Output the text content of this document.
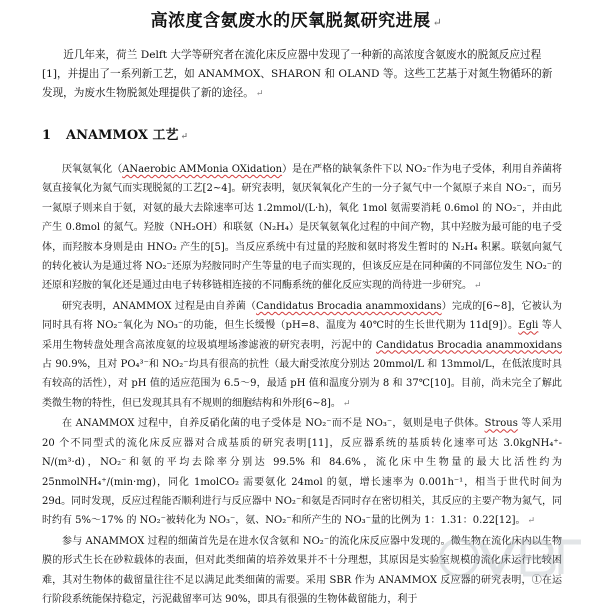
高浓度含氨废水的厌氧脱氮研究进展 ↵

近几年来，荷兰 Delft 大学等研究者在流化床反应器中发现了一种新的高浓度含氨废水的脱氮反应过程[1]，并提出了一系列新工艺，如 ANAMMOX、SHARON 和 OLAND 等。这些工艺基于对氮生物循环的新发现，为废水生物脱氮处理提供了新的途径。 ↵

1 ANAMMOX 工艺 ↵

厌氧氨氧化（ANaerobic AMMonia OXidation）是在严格的缺氧条件下以 NO₂⁻作为电子受体，利用自养菌将氨直接氧化为氮气而实现脱氮的工艺[2~4]。研究表明，氨厌氧氧化产生的一分子氮气中一个氮原子来自 NO₂⁻，而另一氮原子则来自于氨，对氨的最大去除速率可达 1.2mmol/(L·h)，氧化 1mol 氨需要消耗 0.6mol 的 NO₂⁻，并由此产生 0.8mol 的氮气。羟胺（NH₂OH）和联氨（N₂H₄）是厌氧氨氧化过程的中间产物，其中羟胺为最可能的电子受体，而羟胺本身则是由 HNO₂ 产生的[5]。当反应系统中有过量的羟胺和氨时将发生暂时的 N₂H₄ 积累。联氨向氮气的转化被认为是通过将 NO₂⁻还原为羟胺同时产生等量的电子而实现的，但该反应是在同种菌的不同部位发生 NO₂⁻的还原和羟胺的氧化还是通过由电子转移链相连接的不同酶系统的催化反应实现的尚待进一步研究。 ↵

研究表明，ANAMMOX 过程是由自养菌（Candidatus Brocadia anammoxidans）完成的[6~8]，它被认为同时具有将 NO₂⁻氧化为 NO₃⁻的功能，但生长缓慢（pH=8、温度为 40℃时的生长世代期为 11d[9]）。Egli 等人采用生物转盘处理含高浓度氨的垃圾填埋场渗滤液的研究表明，污泥中的 Candidatus Brocadia anammoxidans 占 90.9%，且对 PO₄³⁻和 NO₂⁻均具有很高的抗性（最大耐受浓度分别达 20mmol/L 和 13mmol/L，在低浓度时具有较高的活性），对 pH 值的适应范围为 6.5～9，最适 pH 值和温度分别为 8 和 37℃[10]。目前，尚未完全了解此类微生物的特性，但已发现其具有不规则的细胞结构和外形[6~8]。 ↵

在 ANAMMOX 过程中，自养反硝化菌的电子受体是 NO₂⁻而不是 NO₃⁻，氨则是电子供体。Strous 等人采用 20 个不同型式的流化床反应器对合成基质的研究表明[11]，反应器系统的基质转化速率可达 3.0kgNH₄⁺-N/(m³·d)，NO₂⁻和氨的平均去除率分别达 99.5% 和 84.6%，流化床中生物量的最大比活性约为 25nmolNH₄⁺/(min·mg)，同化 1molCO₂ 需要氨化 24mol 的氨，增长速率为 0.001h⁻¹，相当于世代时间为 29d。同时发现，反应过程能否顺利进行与反应器中 NO₂⁻和氨是否同时存在密切相关，其反应的主要产物为氮气，同时约有 5%～17% 的 NO₂⁻被转化为 NO₃⁻，氨、NO₂⁻和所产生的 NO₃⁻量的比例为 1：1.31：0.22[12]。 ↵

参与 ANAMMOX 过程的细菌首先是在进水仅含氨和 NO₂⁻的流化床反应器中发现的。微生物在流化床内以生物膜的形式生长在砂粒载体的表面，但对此类细菌的培养效果并不十分理想，其原因是实验室规模的流化床运行比较困难，其对生物体的截留量往往不足以满足此类细菌的需要。采用 SBR 作为 ANAMMOX 反应器的研究表明，①在运行阶段系统能保持稳定，污泥截留率可达 90%，即具有很强的生物体截留能力，利于
